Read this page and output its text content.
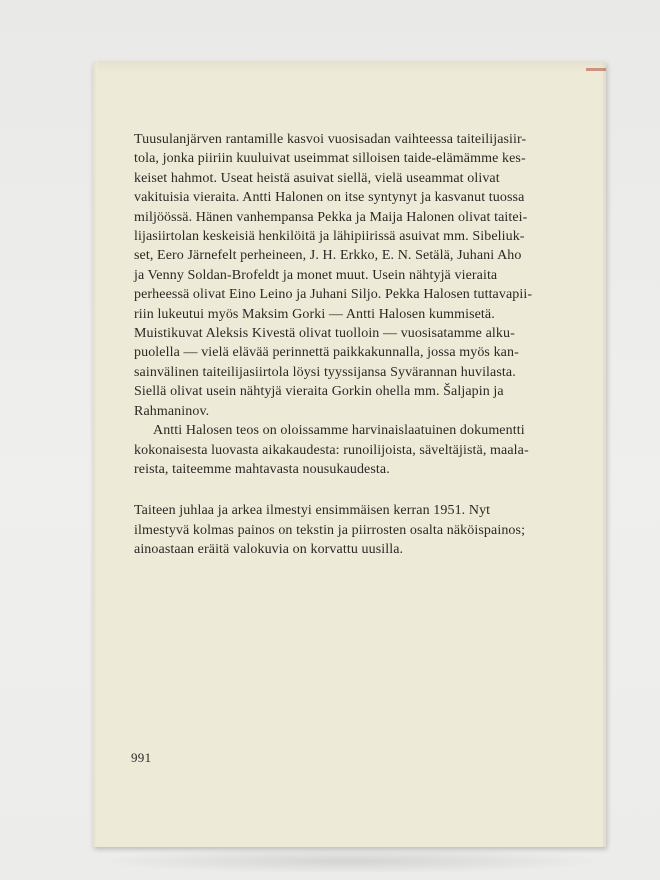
Tuusulanjärven rantamille kasvoi vuosisadan vaihteessa taiteilijasiir-
tola, jonka piiriin kuuluivat useimmat silloisen taide-elämämme kes-
keiset hahmot. Useat heistä asuivat siellä, vielä useammat olivat
vakituisia vieraita. Antti Halonen on itse syntynyt ja kasvanut tuossa
miljöössä. Hänen vanhempansa Pekka ja Maija Halonen olivat taitei-
lijasiirtolan keskeisiä henkilöitä ja lähipiirissä asuivat mm. Sibeliuk-
set, Eero Järnefelt perheineen, J. H. Erkko, E. N. Setälä, Juhani Aho
ja Venny Soldan-Brofeldt ja monet muut. Usein nähtyjä vieraita
perheessä olivat Eino Leino ja Juhani Siljo. Pekka Halosen tuttavapii-
riin lukeutui myös Maksim Gorki — Antti Halosen kummisetä.
Muistikuvat Aleksis Kivestä olivat tuolloin — vuosisatamme alku-
puolella — vielä elävää perinnettä paikkakunnalla, jossa myös kan-
sainvälinen taiteilijasiirtola löysi tyyssijansa Syvärannan huvilasta.
Siellä olivat usein nähtyjä vieraita Gorkin ohella mm. Šaljapin ja
Rahmaninov.

Antti Halosen teos on oloissamme harvinaislaatuinen dokumentti
kokonaisesta luovasta aikakaudesta: runoilijoista, säveltäjistä, maala-
reista, taiteemme mahtavasta nousukaudesta.

Taiteen juhlaa ja arkea ilmestyi ensimmäisen kerran 1951. Nyt
ilmestyvä kolmas painos on tekstin ja piirrosten osalta näköispainos;
ainoastaan eräitä valokuvia on korvattu uusilla.

991
